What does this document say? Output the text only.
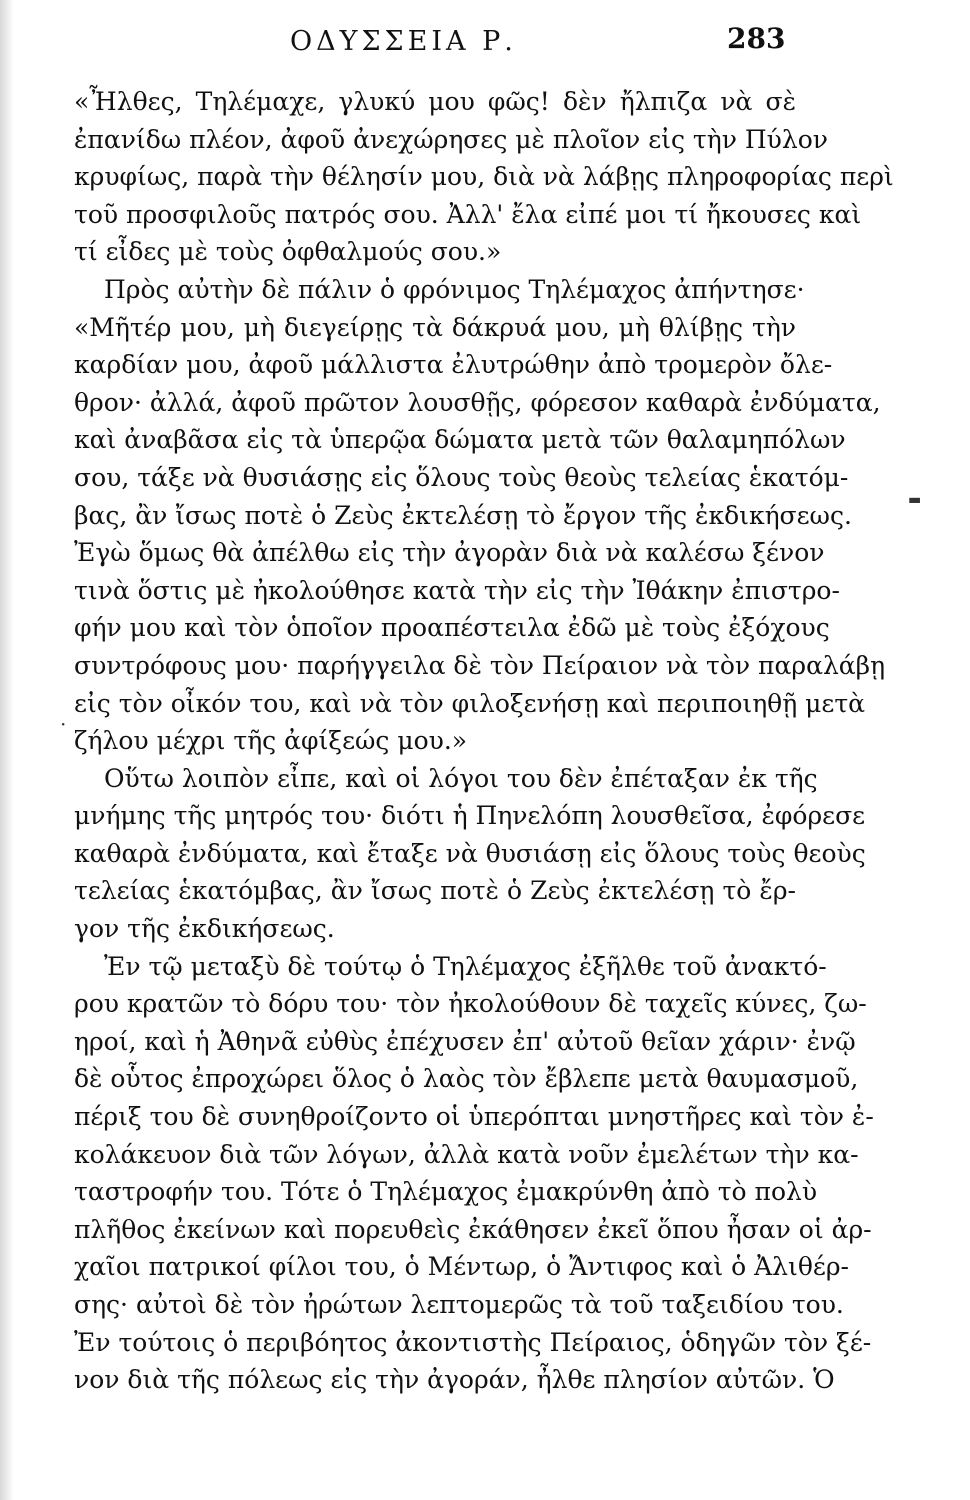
ΟΔΥΣΣΕΙΑ Ρ.	283
«Ἦλθες, Τηλέμαχε, γλυκύ μου φῶς! δὲν ἤλπιζα νὰ σὲ
ἐπανίδω πλέον, ἀφοῦ ἀνεχώρησες μὲ πλοῖον εἰς τὴν Πύλον
κρυφίως, παρὰ τὴν θέλησίν μου, διὰ νὰ λάβῃς πληροφορίας περὶ
τοῦ προσφιλοῦς πατρός σου. Ἀλλ' ἔλα εἰπέ μοι τί ἤκουσες καὶ
τί εἶδες μὲ τοὺς ὀφθαλμούς σου.»
Πρὸς αὐτὴν δὲ πάλιν ὁ φρόνιμος Τηλέμαχος ἀπήντησε·
«Μῆτέρ μου, μὴ διεγείρῃς τὰ δάκρυά μου, μὴ θλίβῃς τὴν
καρδίαν μου, ἀφοῦ μάλλιστα ἐλυτρώθην ἀπὸ τρομερὸν ὄλε-
θρον· ἀλλά, ἀφοῦ πρῶτον λουσθῇς, φόρεσον καθαρὰ ἐνδύματα,
καὶ ἀναβᾶσα εἰς τὰ ὑπερῷα δώματα μετὰ τῶν θαλαμηπόλων
σου, τάξε νὰ θυσιάσῃς εἰς ὅλους τοὺς θεοὺς τελείας ἑκατόμ-
βας, ἂν ἴσως ποτὲ ὁ Ζεὺς ἐκτελέσῃ τὸ ἔργον τῆς ἐκδικήσεως.
Ἐγὼ ὅμως θὰ ἀπέλθω εἰς τὴν ἀγορὰν διὰ νὰ καλέσω ξένον
τινὰ ὅστις μὲ ἠκολούθησε κατὰ τὴν εἰς τὴν Ἰθάκην ἐπιστρο-
φήν μου καὶ τὸν ὁποῖον προαπέστειλα ἐδῶ μὲ τοὺς ἐξόχους
συντρόφους μου· παρήγγειλα δὲ τὸν Πείραιον νὰ τὸν παραλάβῃ
εἰς τὸν οἶκόν του, καὶ νὰ τὸν φιλοξενήσῃ καὶ περιποιηθῇ μετὰ
ζήλου μέχρι τῆς ἀφίξεώς μου.»
Οὕτω λοιπὸν εἶπε, καὶ οἱ λόγοι του δὲν ἐπέταξαν ἐκ τῆς
μνήμης τῆς μητρός του· διότι ἡ Πηνελόπη λουσθεῖσα, ἐφόρεσε
καθαρὰ ἐνδύματα, καὶ ἔταξε νὰ θυσιάσῃ εἰς ὅλους τοὺς θεοὺς
τελείας ἑκατόμβας, ἂν ἴσως ποτὲ ὁ Ζεὺς ἐκτελέσῃ τὸ ἔρ-
γον τῆς ἐκδικήσεως.
Ἐν τῷ μεταξὺ δὲ τούτῳ ὁ Τηλέμαχος ἐξῆλθε τοῦ ἀνακτό-
ρου κρατῶν τὸ δόρυ του· τὸν ἠκολούθουν δὲ ταχεῖς κύνες, ζω-
ηροί, καὶ ἡ Ἀθηνᾶ εὐθὺς ἐπέχυσεν ἐπ' αὐτοῦ θεῖαν χάριν· ἐνῷ
δὲ οὗτος ἐπροχώρει ὅλος ὁ λαὸς τὸν ἔβλεπε μετὰ θαυμασμοῦ,
πέριξ του δὲ συνηθροίζοντο οἱ ὑπερόπται μνηστῆρες καὶ τὸν ἐ-
κολάκευον διὰ τῶν λόγων, ἀλλὰ κατὰ νοῦν ἐμελέτων τὴν κα-
ταστροφήν του. Τότε ὁ Τηλέμαχος ἐμακρύνθη ἀπὸ τὸ πολὺ
πλῆθος ἐκείνων καὶ πορευθεὶς ἐκάθησεν ἐκεῖ ὅπου ἦσαν οἱ ἀρ-
χαῖοι πατρικοί φίλοι του, ὁ Μέντωρ, ὁ Ἄντιφος καὶ ὁ Ἀλιθέρ-
σης· αὐτοὶ δὲ τὸν ἠρώτων λεπτομερῶς τὰ τοῦ ταξειδίου του.
Ἐν τούτοις ὁ περιβόητος ἀκοντιστὴς Πείραιος, ὁδηγῶν τὸν ξέ-
νον διὰ τῆς πόλεως εἰς τὴν ἀγοράν, ἦλθε πλησίον αὐτῶν. Ὁ
·
▬
